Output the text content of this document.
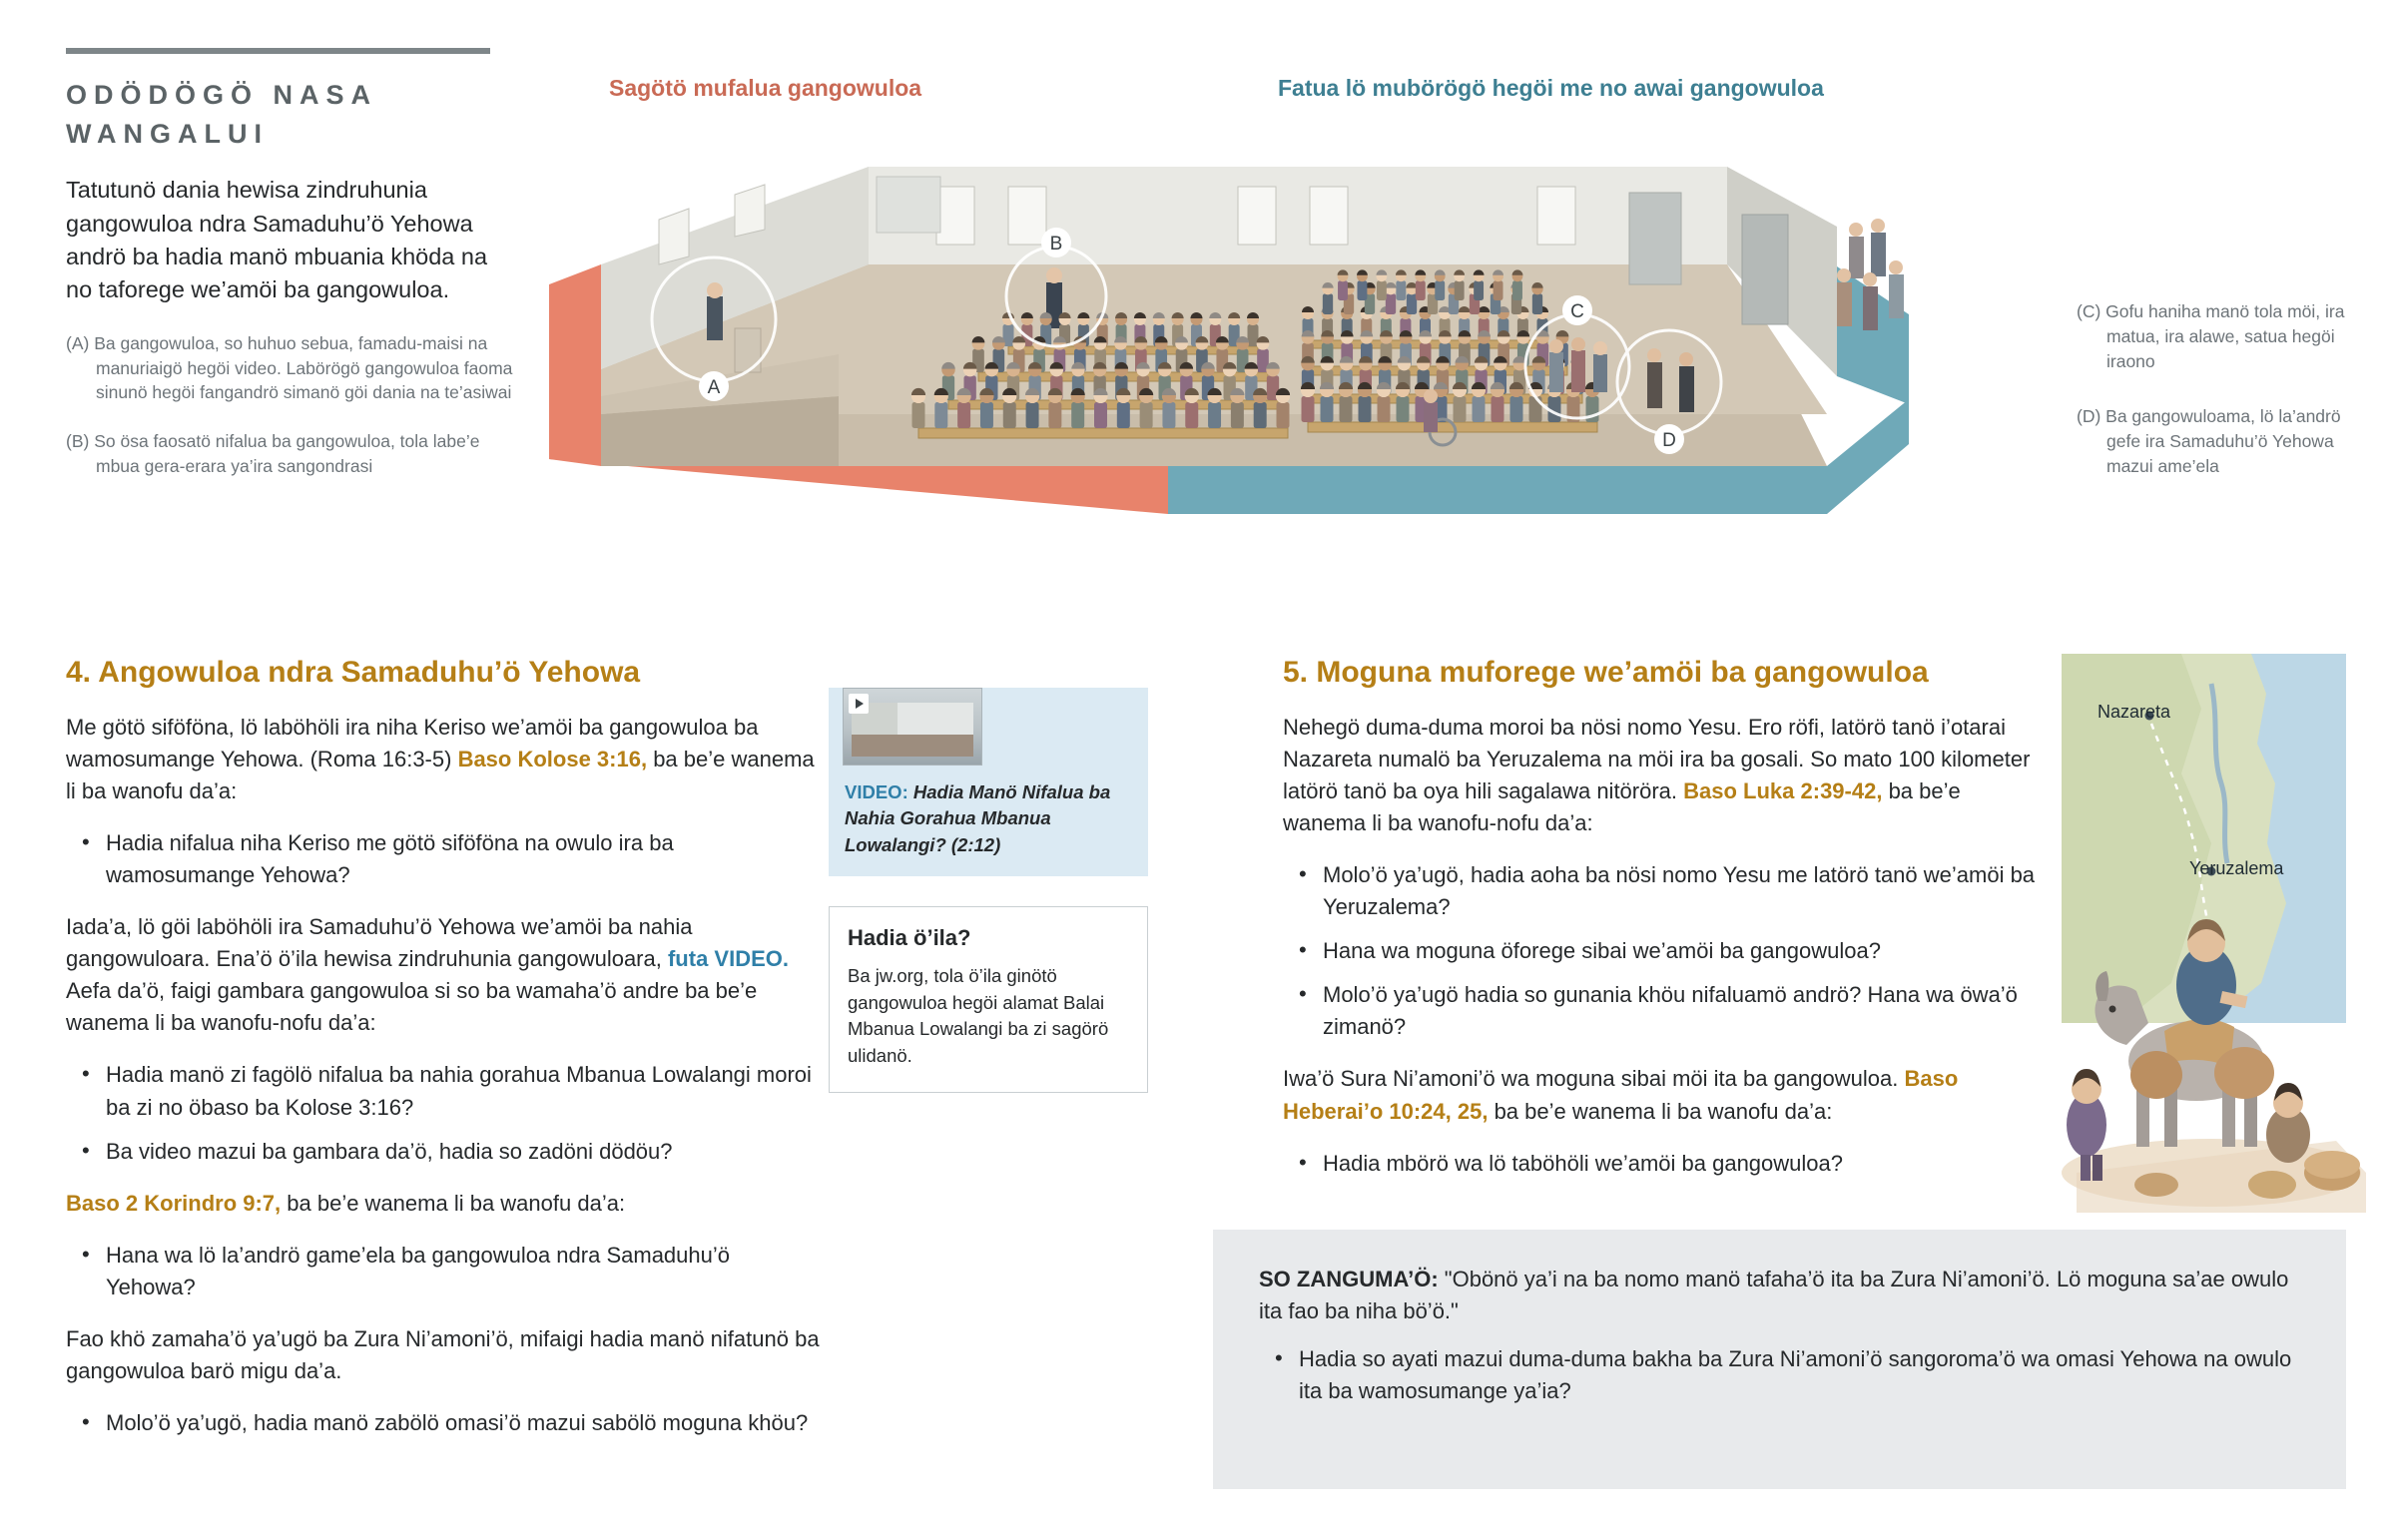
ODÖDÖGÖ NASA WANGALUI
Tatutunö dania hewisa zindruhunia gangowuloa ndra Samaduhu’ö Yehowa andrö ba hadia manö mbuania khöda na no taforege we’amöi ba gangowuloa.
(A) Ba gangowuloa, so huhuo sebua, famadu-maisi na manuriaigö hegöi video. Labörögö gangowuloa faoma sinunö hegöi fangandrö simanö göi dania na te’asiwai
(B) So ösa faosatö nifalua ba gangowuloa, tola labe’e mbua gera-erara ya’ira sangondrasi
Sagötö mufalua gangowuloa	Fatua lö mubörögö hegöi me no awai gangowuloa
A
B
C
D
(C) Gofu haniha manö tola möi, ira matua, ira alawe, satua hegöi iraono
(D) Ba gangowuloama, lö la’andrö gefe ira Samaduhu’ö Yehowa mazui ame’ela
4. Angowuloa ndra Samaduhu’ö Yehowa

Me götö siföföna, lö laböhöli ira niha Keriso we’amöi ba gangowuloa ba wamosumange Yehowa. (Roma 16:3-5) Baso Kolose 3:16, ba be’e wanema li ba wanofu da’a:

• Hadia nifalua niha Keriso me götö siföföna na owulo ira ba wamosumange Yehowa?

Iada’a, lö göi laböhöli ira Samaduhu’ö Yehowa we’amöi ba nahia gangowuloara. Ena’ö ö’ila hewisa zindruhunia gangowuloara, futa VIDEO. Aefa da’ö, faigi gambara gangowuloa si so ba wamaha’ö andre ba be’e wanema li ba wanofu-nofu da’a:

• Hadia manö zi fagölö nifalua ba nahia gorahua Mbanua Lowalangi moroi ba zi no öbaso ba Kolose 3:16?
• Ba video mazui ba gambara da’ö, hadia so zadöni dödöu?

Baso 2 Korindro 9:7, ba be’e wanema li ba wanofu da’a:

• Hana wa lö la’andrö game’ela ba gangowuloa ndra Samaduhu’ö Yehowa?

Fao khö zamaha’ö ya’ugö ba Zura Ni’amoni’ö, mifaigi hadia manö nifatunö ba gangowuloa barö migu da’a.

• Molo’ö ya’ugö, hadia manö zabölö omasi’ö mazui sabölö moguna khöu?
VIDEO: Hadia Manö Nifalua ba Nahia Gorahua Mbanua Lowalangi? (2:12)
Hadia ö’ila?
Ba jw.org, tola ö’ila ginötö gangowuloa hegöi alamat Balai Mbanua Lowalangi ba zi sagörö ulidanö.
5. Moguna muforege we’amöi ba gangowuloa

Nehegö duma-duma moroi ba nösi nomo Yesu. Ero röfi, latörö tanö i’otarai Nazareta numalö ba Yeruzalema na möi ira ba gosali. So mato 100 kilometer latörö tanö ba oya hili sagalawa nitöröra. Baso Luka 2:39-42, ba be’e wanema li ba wanofu-nofu da’a:

• Molo’ö ya’ugö, hadia aoha ba nösi nomo Yesu me latörö tanö we’amöi ba Yeruzalema?
• Hana wa moguna öforege sibai we’amöi ba gangowuloa?
• Molo’ö ya’ugö hadia so gunania khöu nifaluamö andrö? Hana wa öwa’ö zimanö?

Iwa’ö Sura Ni’amoni’ö wa moguna sibai möi ita ba gangowuloa. Baso Heberai’o 10:24, 25, ba be’e wanema li ba wanofu da’a:

• Hadia mbörö wa lö taböhöli we’amöi ba gangowuloa?
Nazareta
Yeruzalema

SO ZANGUMA’Ö: "Obönö ya’i na ba nomo manö tafaha’ö ita ba Zura Ni’amoni’ö. Lö moguna sa’ae owulo ita fao ba niha bö’ö."

• Hadia so ayati mazui duma-duma bakha ba Zura Ni’amoni’ö sangoroma’ö wa omasi Yehowa na owulo ita ba wamosumange ya’ia?
